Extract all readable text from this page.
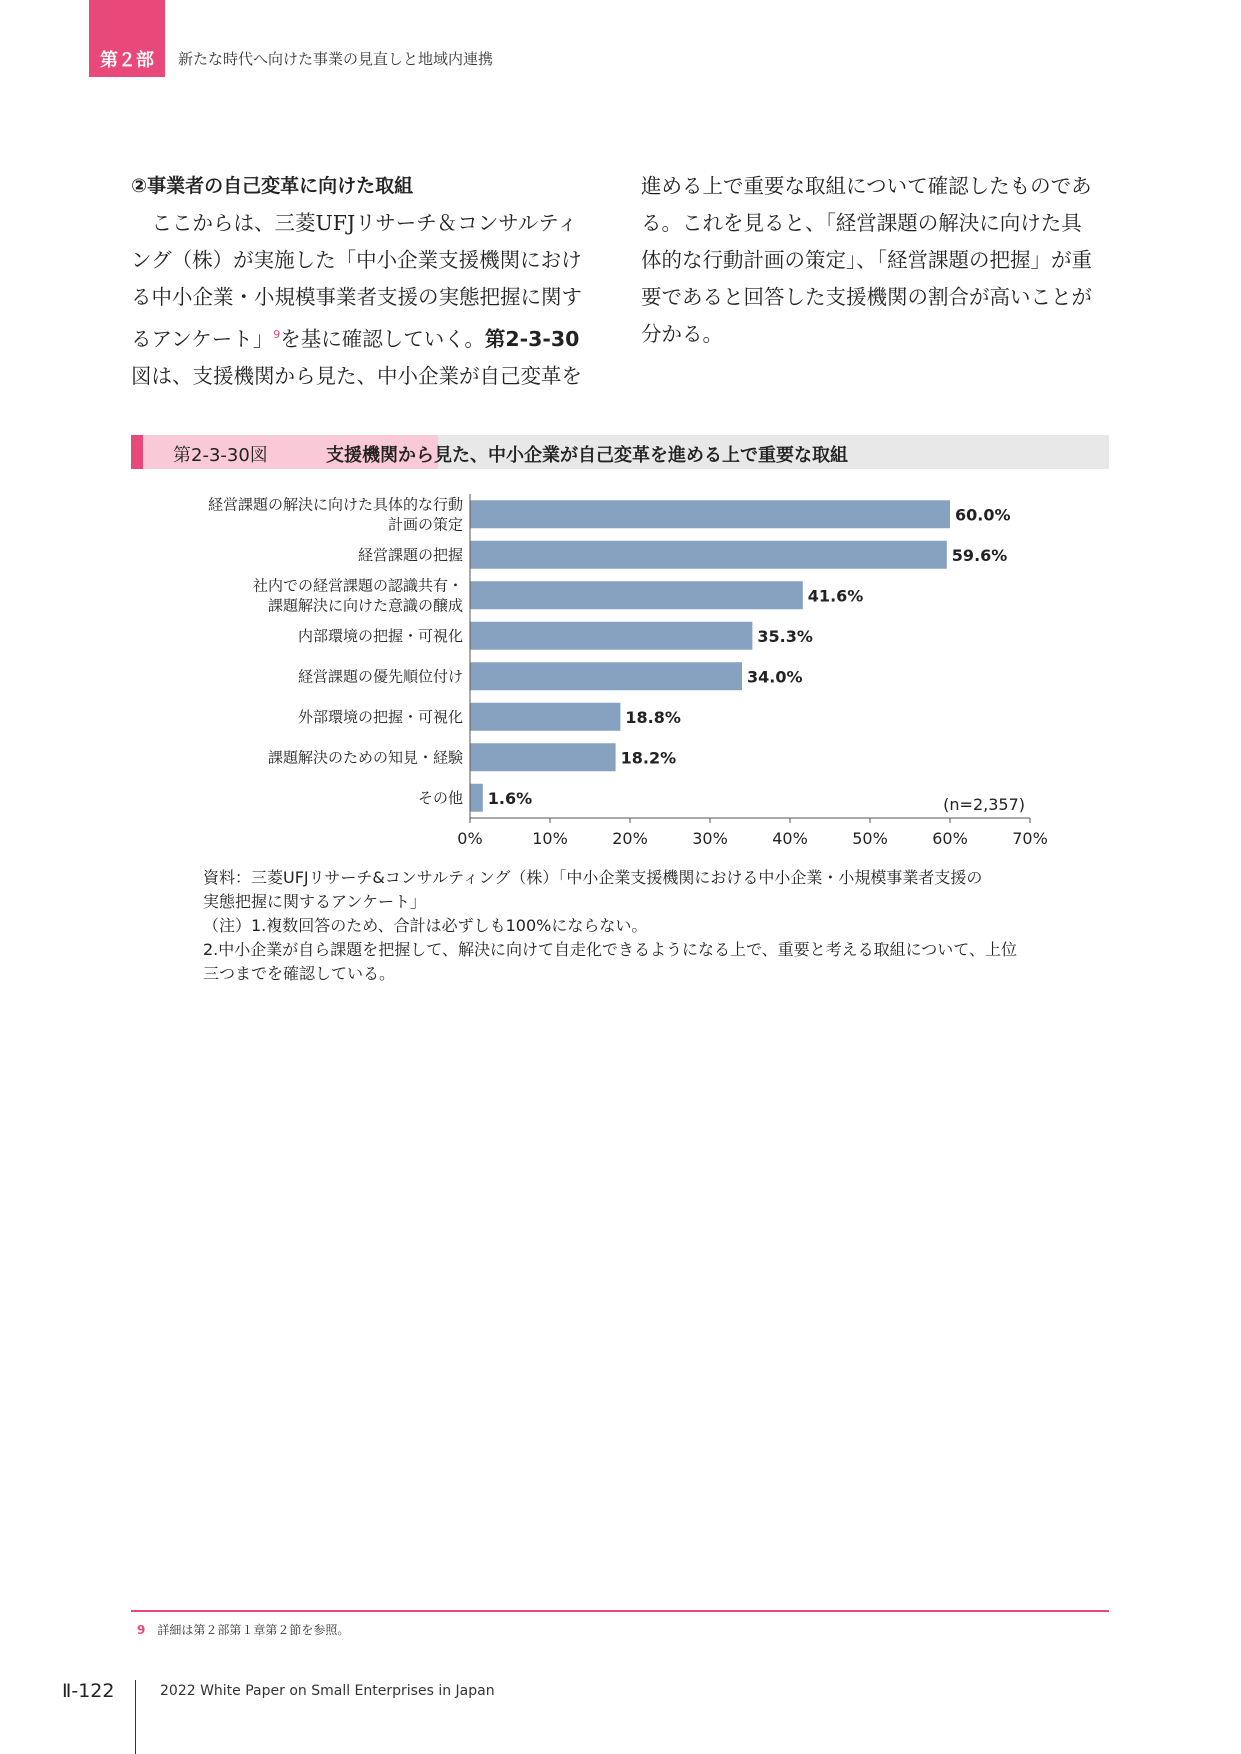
第２部	新たな時代へ向けた事業の見直しと地域内連携

②事業者の自己変革に向けた取組

ここからは、三菱UFJリサーチ＆コンサルティ

ング（株）が実施した「中小企業支援機関におけ

る中小企業・小規模事業者支援の実態把握に関す

るアンケート」$^9$を基に確認していく。第2-3-30

図は、支援機関から見た、中小企業が自己変革を

進める上で重要な取組について確認したものであ

る。これを見ると、「経営課題の解決に向けた具

体的な行動計画の策定」、「経営課題の把握」が重

要であると回答した支援機関の割合が高いことが

分かる。

第2-3-30図	支援機関から見た、中小企業が自己変革を進める上で重要な取組
60.0%
経営課題の解決に向けた具体的な行動
計画の策定
59.6%
経営課題の把握
41.6%
社内での経営課題の認識共有・
課題解決に向けた意識の醸成
35.3%
内部環境の把握・可視化
34.0%
経営課題の優先順位付け
18.8%
外部環境の把握・可視化
18.2%
課題解決のための知見・経験
1.6%
その他
0%	10%	20%	30%	40%	50%	60%	70%
(n=2,357)
資料：三菱UFJリサーチ&コンサルティング（株）「中小企業支援機関における中小企業・小規模事業者支援の
実態把握に関するアンケート」
（注）1.複数回答のため、合計は必ずしも100%にならない。
2.中小企業が自ら課題を把握して、解決に向けて自走化できるようになる上で、重要と考える取組について、上位
三つまでを確認している。
9 詳細は第２部第１章第２節を参照。
Ⅱ-122	2022 White Paper on Small Enterprises in Japan
